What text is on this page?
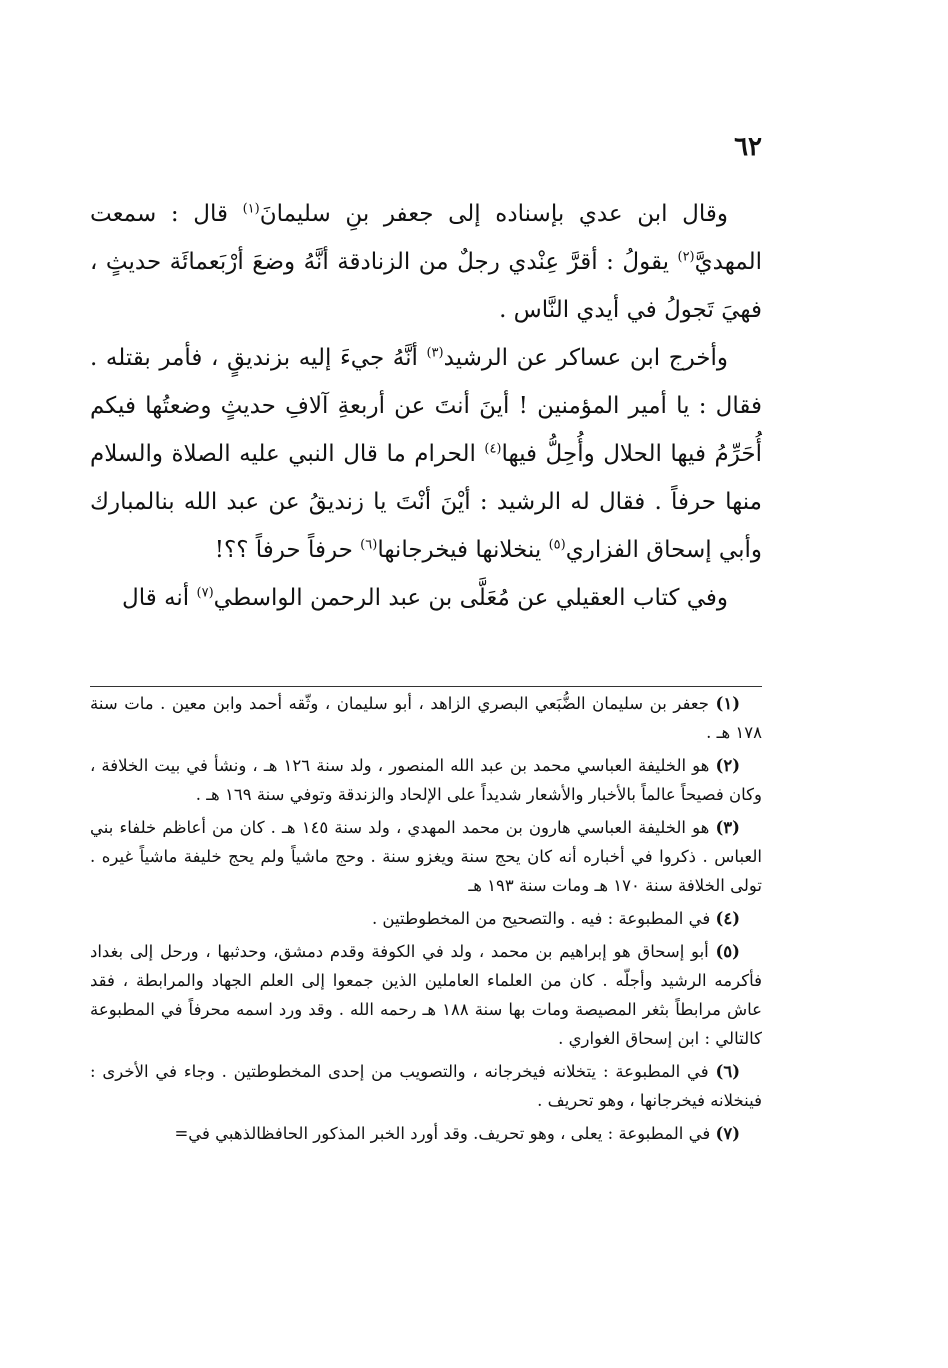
٦٢

وقال ابن عدي بإسناده إلى جعفر بنِ سليمانَ$^{(١)}$ قال : سمعت المهديَّ$^{(٢)}$ يقولُ : أقرَّ عِنْدي رجلٌ من الزنادقة أنَّهُ وضعَ أرْبَعمائَة حديثٍ ، فهيَ تَجولُ في أيدي النَّاس .

وأخرج ابن عساكر عن الرشيد$^{(٣)}$ أنَّهُ جيءَ إليه بزنديقٍ ، فأمر بقتله . فقال : يا أمير المؤمنين ! أينَ أنتَ عن أربعةِ آلافِ حديثٍ وضعتُها فيكم أُحَرِّمُ فيها الحلال وأُحِلُّ فيها$^{(٤)}$ الحرام ما قال النبي عليه الصلاة والسلام منها حرفاً . فقال له الرشيد : أيْنَ أنْتَ يا زنديقُ عن عبد الله بنالمبارك وأبي إسحاق الفزاري$^{(٥)}$ ينخلانها فيخرجانها$^{(٦)}$ حرفاً حرفاً ؟؟!

وفي كتاب العقيلي عن مُعَلَّى بن عبد الرحمن الواسطي$^{(٧)}$ أنه قال

(١) جعفر بن سليمان الضُّبَعي البصري الزاهد ، أبو سليمان ، وثّقه أحمد وابن معين . مات سنة ١٧٨ هـ .

(٢) هو الخليفة العباسي محمد بن عبد الله المنصور ، ولد سنة ١٢٦ هـ ، ونشأ في بيت الخلافة ، وكان فصيحاً عالماً بالأخبار والأشعار شديداً على الإلحاد والزندقة وتوفي سنة ١٦٩ هـ .

(٣) هو الخليفة العباسي هارون بن محمد المهدي ، ولد سنة ١٤٥ هـ . كان من أعاظم خلفاء بني العباس . ذكروا في أخباره أنه كان يحج سنة ويغزو سنة . وحج ماشياً ولم يحج خليفة ماشياً غيره . تولى الخلافة سنة ١٧٠ هـ ومات سنة ١٩٣ هـ

(٤) في المطبوعة : فيه . والتصحيح من المخطوطتين .

(٥) أبو إسحاق هو إبراهيم بن محمد ، ولد في الكوفة وقدم دمشق، وحدثبها ، ورحل إلى بغداد فأكرمه الرشيد وأجلّه . كان من العلماء العاملين الذين جمعوا إلى العلم الجهاد والمرابطة ، فقد عاش مرابطاً بثغر المصيصة ومات بها سنة ١٨٨ هـ رحمه الله . وقد ورد اسمه محرفاً في المطبوعة كالتالي : ابن إسحاق الغواري .

(٦) في المطبوعة : يتخلانه فيخرجانه ، والتصويب من إحدى المخطوطتين . وجاء في الأخرى : فينخلانه فيخرجانها ، وهو تحريف .

(٧) في المطبوعة : يعلى ، وهو تحريف. وقد أورد الخبر المذكور الحافظالذهبي في=
